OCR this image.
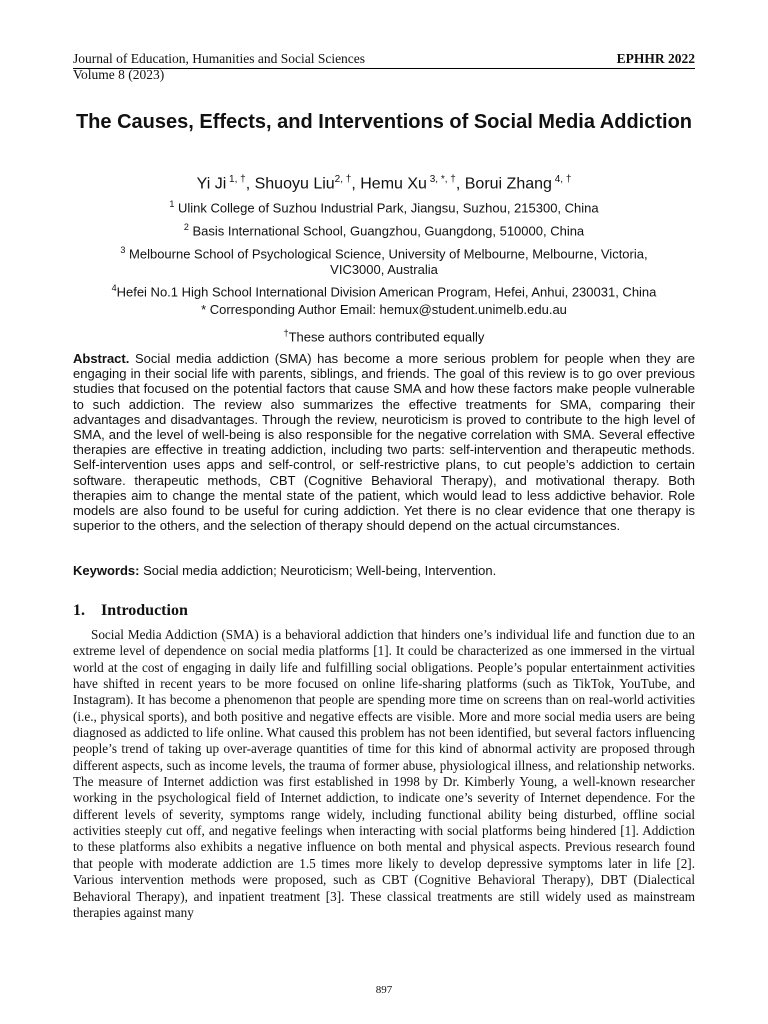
Journal of Education, Humanities and Social Sciences	EPHHR 2022
Volume 8 (2023)
The Causes, Effects, and Interventions of Social Media Addiction
Yi Ji $^{1, \dagger}$, Shuoyu Liu$^{2, \dagger}$, Hemu Xu $^{3, *, \dagger}$, Borui Zhang $^{4, \dagger}$
$^1$ Ulink College of Suzhou Industrial Park, Jiangsu, Suzhou, 215300, China
$^2$ Basis International School, Guangzhou, Guangdong, 510000, China
$^3$ Melbourne School of Psychological Science, University of Melbourne, Melbourne, Victoria, VIC3000, Australia
$^4$Hefei No.1 High School International Division American Program, Hefei, Anhui, 230031, China
* Corresponding Author Email: hemux@student.unimelb.edu.au
†These authors contributed equally
Abstract. Social media addiction (SMA) has become a more serious problem for people when they are engaging in their social life with parents, siblings, and friends. The goal of this review is to go over previous studies that focused on the potential factors that cause SMA and how these factors make people vulnerable to such addiction. The review also summarizes the effective treatments for SMA, comparing their advantages and disadvantages. Through the review, neuroticism is proved to contribute to the high level of SMA, and the level of well-being is also responsible for the negative correlation with SMA. Several effective therapies are effective in treating addiction, including two parts: self-intervention and therapeutic methods. Self-intervention uses apps and self-control, or self-restrictive plans, to cut people’s addiction to certain software. therapeutic methods, CBT (Cognitive Behavioral Therapy), and motivational therapy. Both therapies aim to change the mental state of the patient, which would lead to less addictive behavior. Role models are also found to be useful for curing addiction. Yet there is no clear evidence that one therapy is superior to the others, and the selection of therapy should depend on the actual circumstances.
Keywords: Social media addiction; Neuroticism; Well-being, Intervention.
1. Introduction
Social Media Addiction (SMA) is a behavioral addiction that hinders one’s individual life and function due to an extreme level of dependence on social media platforms [1]. It could be characterized as one immersed in the virtual world at the cost of engaging in daily life and fulfilling social obligations. People’s popular entertainment activities have shifted in recent years to be more focused on online life-sharing platforms (such as TikTok, YouTube, and Instagram). It has become a phenomenon that people are spending more time on screens than on real-world activities (i.e., physical sports), and both positive and negative effects are visible. More and more social media users are being diagnosed as addicted to life online. What caused this problem has not been identified, but several factors influencing people’s trend of taking up over-average quantities of time for this kind of abnormal activity are proposed through different aspects, such as income levels, the trauma of former abuse, physiological illness, and relationship networks. The measure of Internet addiction was first established in 1998 by Dr. Kimberly Young, a well-known researcher working in the psychological field of Internet addiction, to indicate one’s severity of Internet dependence. For the different levels of severity, symptoms range widely, including functional ability being disturbed, offline social activities steeply cut off, and negative feelings when interacting with social platforms being hindered [1]. Addiction to these platforms also exhibits a negative influence on both mental and physical aspects. Previous research found that people with moderate addiction are 1.5 times more likely to develop depressive symptoms later in life [2]. Various intervention methods were proposed, such as CBT (Cognitive Behavioral Therapy), DBT (Dialectical Behavioral Therapy), and inpatient treatment [3]. These classical treatments are still widely used as mainstream therapies against many
897
